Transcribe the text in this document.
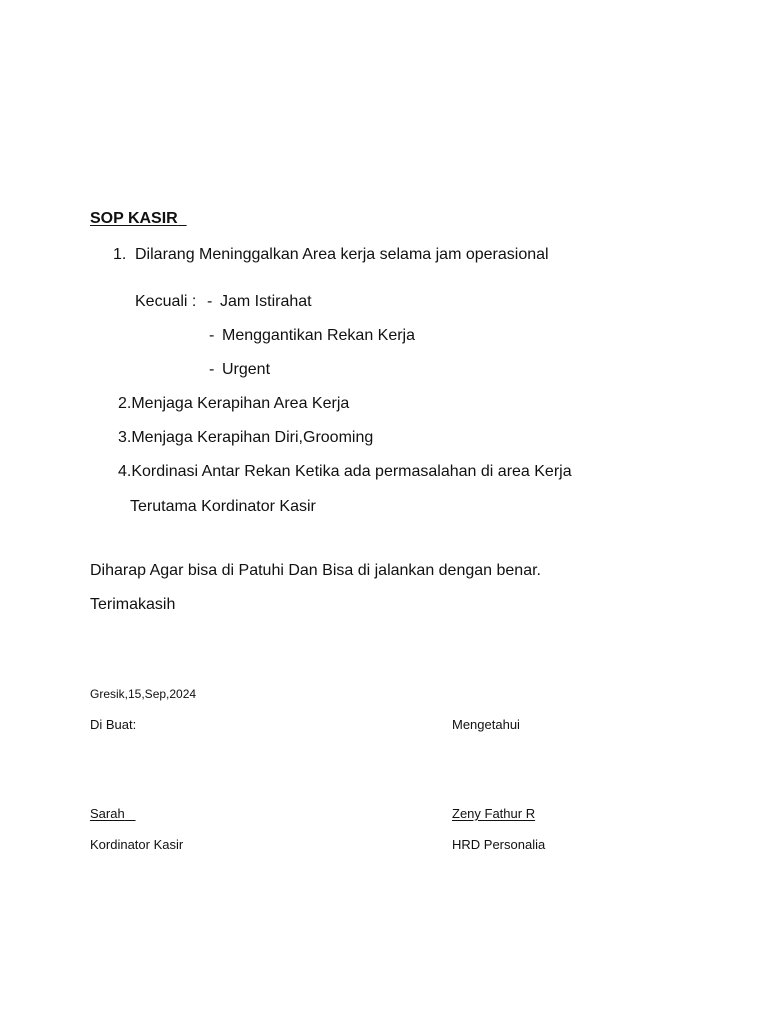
SOP KASIR
1. Dilarang Meninggalkan Area kerja selama jam operasional
Kecuali : - Jam Istirahat
- Menggantikan Rekan Kerja
- Urgent
2.Menjaga Kerapihan Area Kerja
3.Menjaga Kerapihan Diri,Grooming
4.Kordinasi Antar Rekan Ketika ada permasalahan di area Kerja
Terutama Kordinator Kasir
Diharap Agar bisa di Patuhi Dan Bisa di jalankan dengan benar.
Terimakasih
Gresik,15,Sep,2024
Di Buat:	Mengetahui
Sarah	Zeny Fathur R
Kordinator Kasir	HRD Personalia
